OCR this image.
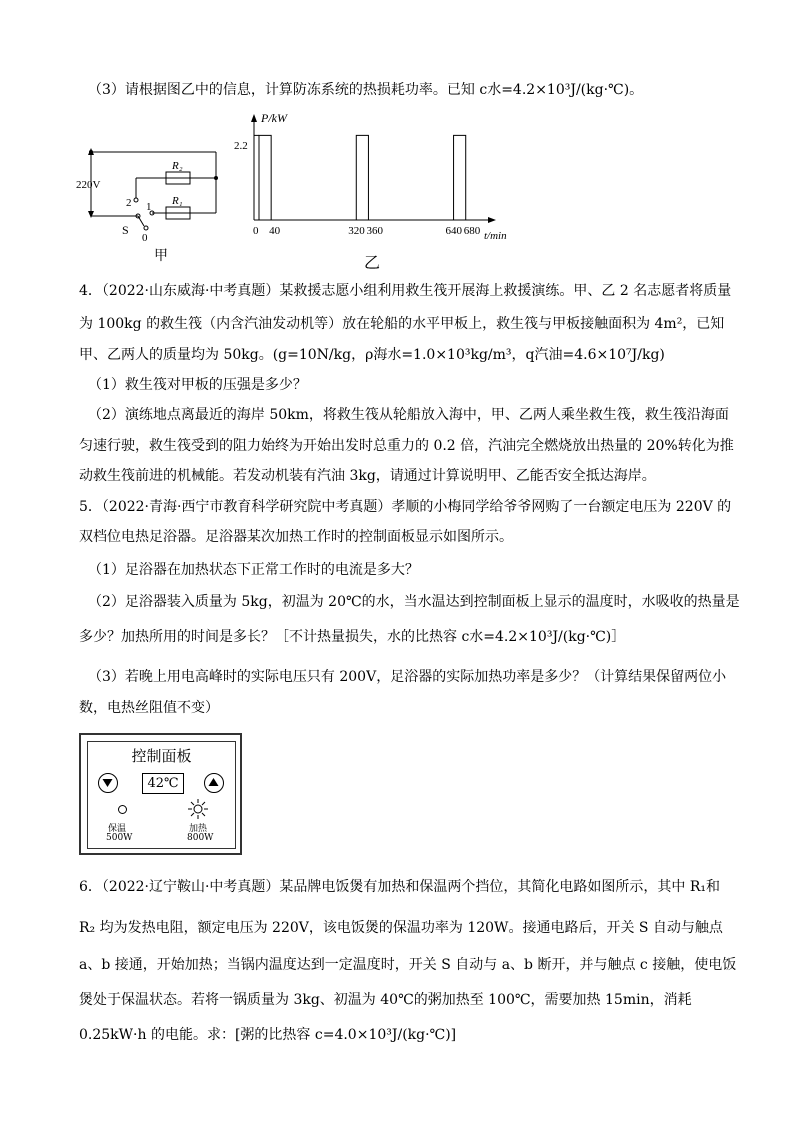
（3）请根据图乙中的信息，计算防冻系统的热损耗功率。已知 c水=4.2×10³J/(kg·℃)。
220V
R₂
R₁
2 1
0
S
甲
P/kW
t/min
2.2
0 40	320 360	640 680
乙
4．（2022·山东威海·中考真题）某救援志愿小组利用救生筏开展海上救援演练。甲、乙 2 名志愿者将质量
为 100kg 的救生筏（内含汽油发动机等）放在轮船的水平甲板上，救生筏与甲板接触面积为 4m²，已知
甲、乙两人的质量均为 50kg。(g=10N/kg，ρ海水=1.0×10³kg/m³，q汽油=4.6×10⁷J/kg)
（1）救生筏对甲板的压强是多少？
（2）演练地点离最近的海岸 50km，将救生筏从轮船放入海中，甲、乙两人乘坐救生筏，救生筏沿海面
匀速行驶，救生筏受到的阻力始终为开始出发时总重力的 0.2 倍，汽油完全燃烧放出热量的 20%转化为推
动救生筏前进的机械能。若发动机装有汽油 3kg，请通过计算说明甲、乙能否安全抵达海岸。
5．（2022·青海·西宁市教育科学研究院中考真题）孝顺的小梅同学给爷爷网购了一台额定电压为 220V 的
双档位电热足浴器。足浴器某次加热工作时的控制面板显示如图所示。
（1）足浴器在加热状态下正常工作时的电流是多大？
（2）足浴器装入质量为 5kg，初温为 20℃的水，当水温达到控制面板上显示的温度时，水吸收的热量是
多少？加热所用的时间是多长？［不计热量损失，水的比热容 c水=4.2×10³J/(kg·℃)］
（3）若晚上用电高峰时的实际电压只有 200V，足浴器的实际加热功率是多少？（计算结果保留两位小
数，电热丝阻值不变）
控制面板
42℃
保温
500W
加热
800W
6．（2022·辽宁鞍山·中考真题）某品牌电饭煲有加热和保温两个挡位，其简化电路如图所示，其中 R₁和
R₂ 均为发热电阻，额定电压为 220V，该电饭煲的保温功率为 120W。接通电路后，开关 S 自动与触点
a、b 接通，开始加热；当锅内温度达到一定温度时，开关 S 自动与 a、b 断开，并与触点 c 接触，使电饭
煲处于保温状态。若将一锅质量为 3kg、初温为 40℃的粥加热至 100℃，需要加热 15min，消耗
0.25kW·h 的电能。求：[粥的比热容 c=4.0×10³J/(kg·℃)]
